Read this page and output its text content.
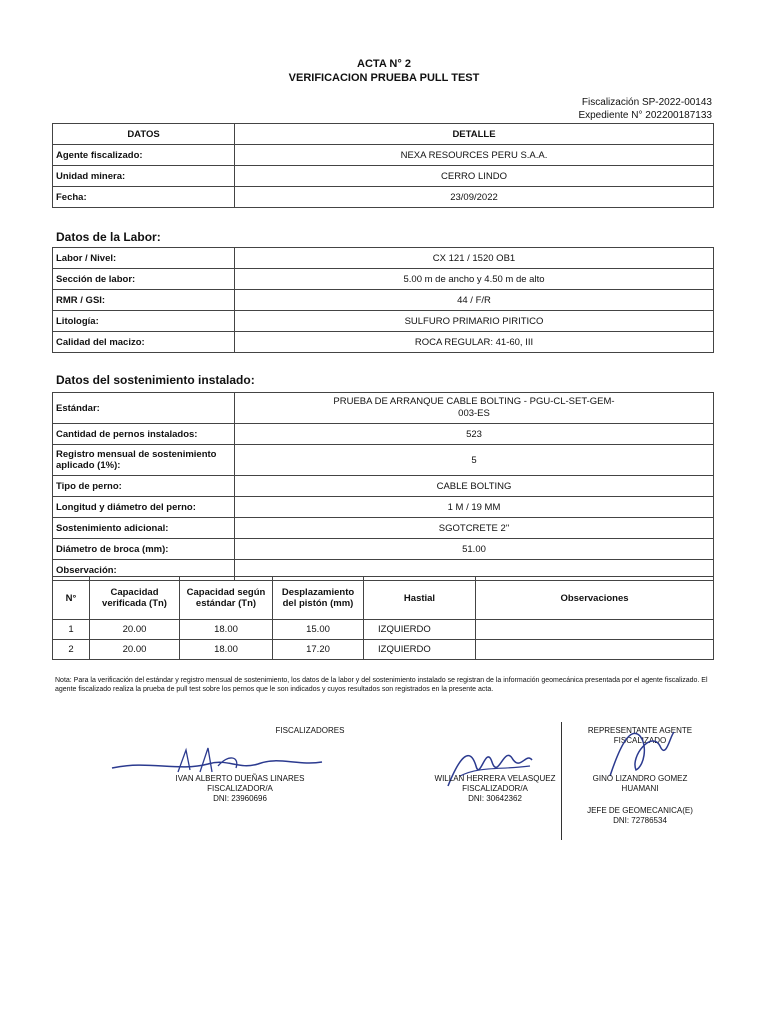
ACTA N° 2
VERIFICACION PRUEBA PULL TEST
Fiscalización SP-2022-00143
Expediente N° 202200187133
DATOS	DETALLE
Agente fiscalizado:	NEXA RESOURCES PERU S.A.A.
Unidad minera:	CERRO LINDO
Fecha:	23/09/2022
Datos de la Labor:
Labor / Nivel:	CX 121 / 1520 OB1
Sección de labor:	5.00 m de ancho y 4.50 m de alto
RMR / GSI:	44 / F/R
Litología:	SULFURO PRIMARIO PIRITICO
Calidad del macizo:	ROCA REGULAR: 41-60, III
Datos del sostenimiento instalado:
Estándar:	PRUEBA DE ARRANQUE CABLE BOLTING - PGU-CL-SET-GEM-
003-ES

Cantidad de pernos instalados:	523
Registro mensual de sostenimiento aplicado (1%):	5
Tipo de perno:	CABLE BOLTING
Longitud y diámetro del perno:	1 M / 19 MM
Sostenimiento adicional:	SGOTCRETE 2"
Diámetro de broca (mm):	51.00
Observación:	
N°	Capacidad verificada (Tn)	Capacidad según estándar (Tn)	Desplazamiento del pistón (mm)	Hastial	Observaciones
1	20.00	18.00	15.00	IZQUIERDO	
2	20.00	18.00	17.20	IZQUIERDO	
Nota: Para la verificación del estándar y registro mensual de sostenimiento, los datos de la labor y del sostenimiento instalado se registran de la información geomecánica presentada por el agente fiscalizado. El agente fiscalizado realiza la prueba de pull test sobre los pernos que le son indicados y cuyos resultados son registrados en la presente acta.
FISCALIZADORES
IVAN ALBERTO DUEÑAS LINARES
FISCALIZADOR/A
DNI: 23960696
WILLAN HERRERA VELASQUEZ
FISCALIZADOR/A
DNI: 30642362
REPRESENTANTE AGENTE FISCALIZADO
GINO LIZANDRO GOMEZ HUAMANI
JEFE DE GEOMECANICA(E)
DNI: 72786534
